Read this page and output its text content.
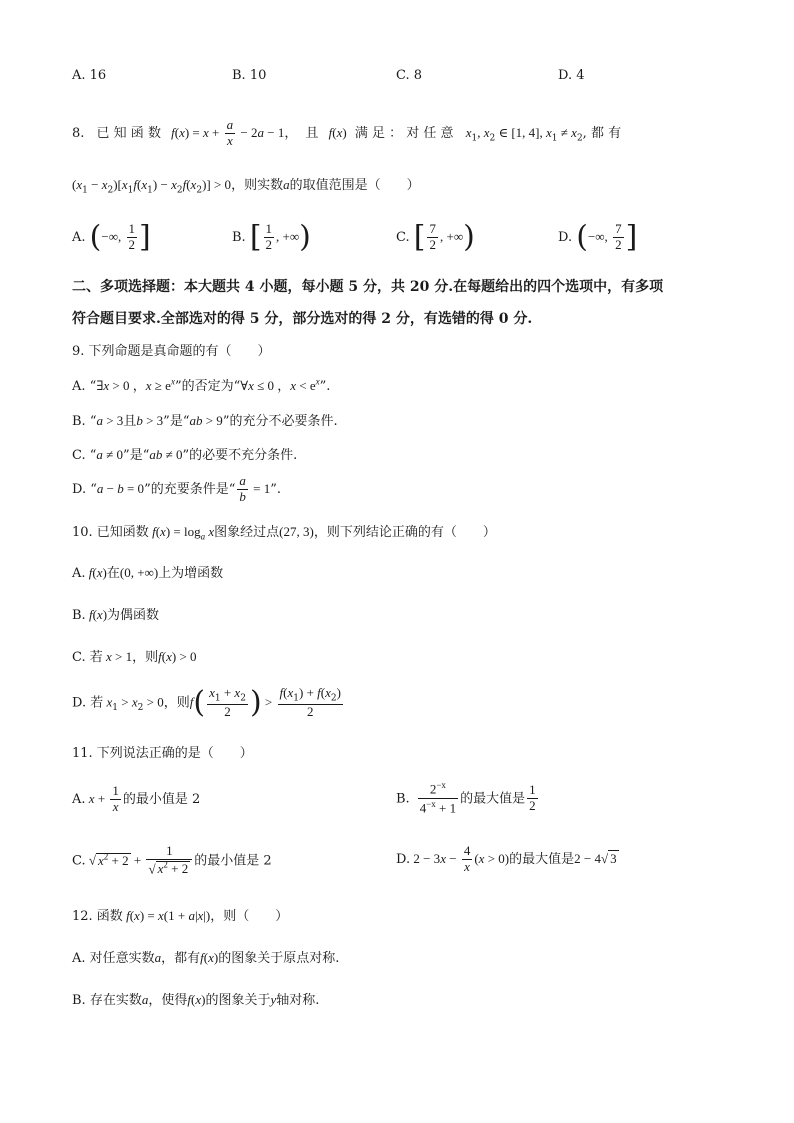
A. 16	B. 10	C. 8	D. 4
8. 已 知 函 数 $f(x) = x + \frac{a}{x} - 2a - 1$， 且 f(x) 满 足 ： 对 任 意 $x_1$, $x_2$ ∈ [1, 4], $x_1 \ne x_2$, 都 有
$(x_1 - x_2)[x_1f(x_1) - x_2f(x_2)] > 0$，则实数a的取值范围是（　　）
A. (−∞, $\frac{1}{2}$ ]	B. [ $\frac{1}{2}$ , +∞)	C. [ $\frac{7}{2}$ , +∞)	D. (−∞, $\frac{7}{2}$ ]
二、多项选择题：本大题共 4 小题，每小题 5 分，共 20 分.在每题给出的四个选项中，有多项
符合题目要求.全部选对的得 5 分，部分选对的得 2 分，有选错的得 0 分.
9. 下列命题是真命题的有（　　）
A. “∃x > 0 ，$x \ge e^x$”的否定为“∀x ≤ 0 ，$x < e^x$”.
B. “a > 3且b > 3”是“ab > 9”的充分不必要条件.
C. “a ≠ 0”是“ab ≠ 0”的必要不充分条件.
D. “a − b = 0”的充要条件是“ $\frac{a}{b} = 1$”.
10. 已知函数 $f(x) = \log_a x$图象经过点(27, 3)，则下列结论正确的有（　　）
A. f(x)在(0, +∞)上为增函数
B. f(x)为偶函数
C. 若 x > 1，则f(x) > 0
D. 若 $x_1 > x_2 > 0$，则$f( \frac{x_1 + x_2}{2}$ ) > $\frac{f(x_1) + f(x_2)}{2}$
11. 下列说法正确的是（　　）
A. $x + \frac{1}{x}$ 的最小值是 2	B. $\frac{2^{-x}}{4^{-x} + 1}$ 的最大值是 $\frac{1}{2}$
C. √ $x^2 + 2 + \frac{1}{√ x^2 + 2}$ 的最小值是 2	D. $2 - 3x - \frac{4}{x} (x > 0)$的最大值是2 − 4√ 3
12. 函数 f(x) = x(1 + a|x|)，则（　　）
A. 对任意实数a，都有f(x)的图象关于原点对称.
B. 存在实数a，使得f(x)的图象关于y轴对称.
